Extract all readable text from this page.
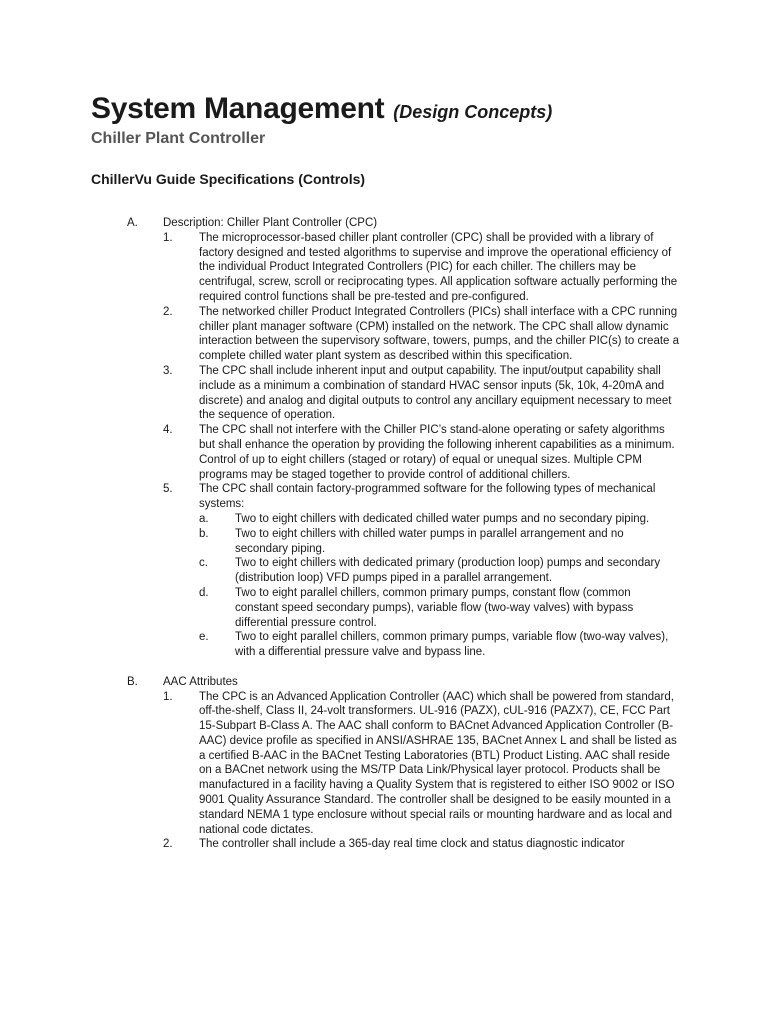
System Management (Design Concepts)
Chiller Plant Controller
ChillerVu Guide Specifications (Controls)
A. Description: Chiller Plant Controller (CPC)
1. The microprocessor-based chiller plant controller (CPC) shall be provided with a library of factory designed and tested algorithms to supervise and improve the operational efficiency of the individual Product Integrated Controllers (PIC) for each chiller. The chillers may be centrifugal, screw, scroll or reciprocating types. All application software actually performing the required control functions shall be pre-tested and pre-configured.
2. The networked chiller Product Integrated Controllers (PICs) shall interface with a CPC running chiller plant manager software (CPM) installed on the network. The CPC shall allow dynamic interaction between the supervisory software, towers, pumps, and the chiller PIC(s) to create a complete chilled water plant system as described within this specification.
3. The CPC shall include inherent input and output capability. The input/output capability shall include as a minimum a combination of standard HVAC sensor inputs (5k, 10k, 4-20mA and discrete) and analog and digital outputs to control any ancillary equipment necessary to meet the sequence of operation.
4. The CPC shall not interfere with the Chiller PIC’s stand-alone operating or safety algorithms but shall enhance the operation by providing the following inherent capabilities as a minimum. Control of up to eight chillers (staged or rotary) of equal or unequal sizes. Multiple CPM programs may be staged together to provide control of additional chillers.
5. The CPC shall contain factory-programmed software for the following types of mechanical systems:
a. Two to eight chillers with dedicated chilled water pumps and no secondary piping.
b. Two to eight chillers with chilled water pumps in parallel arrangement and no secondary piping.
c. Two to eight chillers with dedicated primary (production loop) pumps and secondary (distribution loop) VFD pumps piped in a parallel arrangement.
d. Two to eight parallel chillers, common primary pumps, constant flow (common constant speed secondary pumps), variable flow (two-way valves) with bypass differential pressure control.
e. Two to eight parallel chillers, common primary pumps, variable flow (two-way valves), with a differential pressure valve and bypass line.
B. AAC Attributes
1. The CPC is an Advanced Application Controller (AAC) which shall be powered from standard, off-the-shelf, Class II, 24-volt transformers. UL-916 (PAZX), cUL-916 (PAZX7), CE, FCC Part 15-Subpart B-Class A. The AAC shall conform to BACnet Advanced Application Controller (B-AAC) device profile as specified in ANSI/ASHRAE 135, BACnet Annex L and shall be listed as a certified B-AAC in the BACnet Testing Laboratories (BTL) Product Listing. AAC shall reside on a BACnet network using the MS/TP Data Link/Physical layer protocol. Products shall be manufactured in a facility having a Quality System that is registered to either ISO 9002 or ISO 9001 Quality Assurance Standard. The controller shall be designed to be easily mounted in a standard NEMA 1 type enclosure without special rails or mounting hardware and as local and national code dictates.
2. The controller shall include a 365-day real time clock and status diagnostic indicator
